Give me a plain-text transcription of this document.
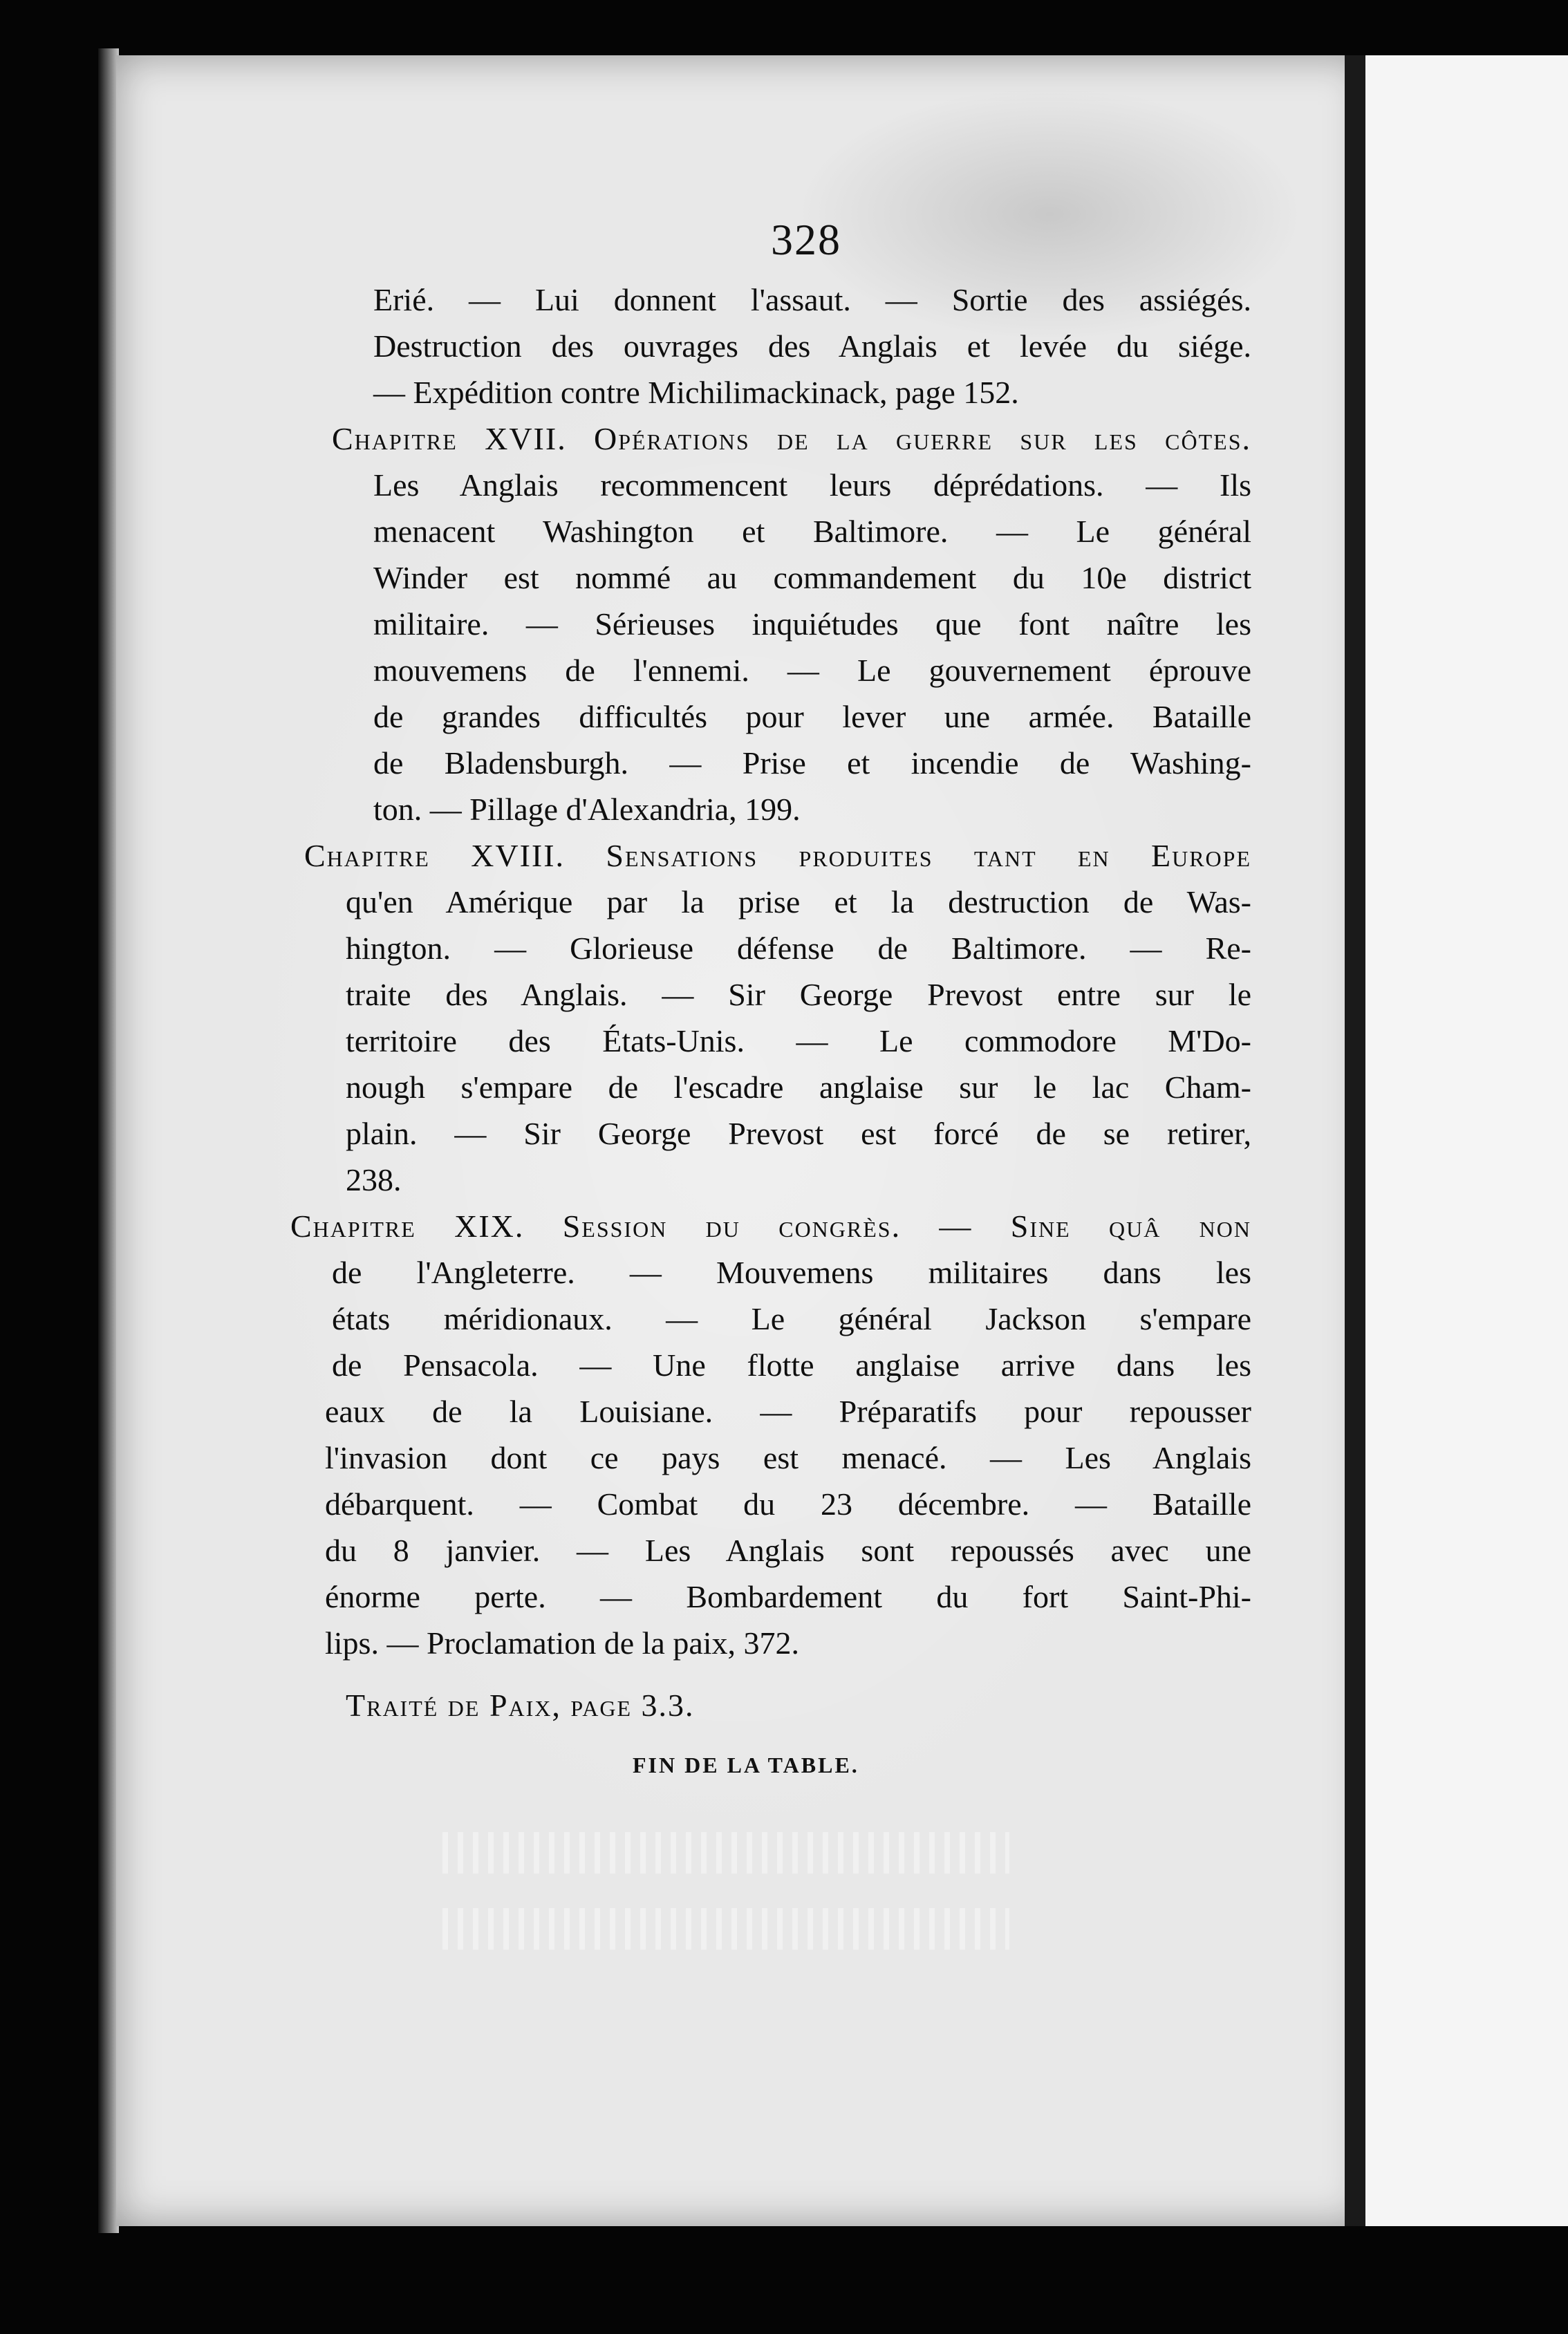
328
Erié. — Lui donnent l'assaut. — Sortie des assiégés.
Destruction des ouvrages des Anglais et levée du siége.
— Expédition contre Michilimackinack, page 152.
Chapitre XVII. Opérations de la guerre sur les côtes.
Les Anglais recommencent leurs déprédations. — Ils
menacent Washington et Baltimore. — Le général
Winder est nommé au commandement du 10e district
militaire. — Sérieuses inquiétudes que font naître les
mouvemens de l'ennemi. — Le gouvernement éprouve
de grandes difficultés pour lever une armée. Bataille
de Bladensburgh. — Prise et incendie de Washing-
ton. — Pillage d'Alexandria, 199.
Chapitre XVIII. Sensations produites tant en Europe
qu'en Amérique par la prise et la destruction de Was-
hington. — Glorieuse défense de Baltimore. — Re-
traite des Anglais. — Sir George Prevost entre sur le
territoire des États-Unis. — Le commodore M'Do-
nough s'empare de l'escadre anglaise sur le lac Cham-
plain. — Sir George Prevost est forcé de se retirer,
238.
Chapitre XIX. Session du congrès. — Sine quâ non
de l'Angleterre. — Mouvemens militaires dans les
états méridionaux. — Le général Jackson s'empare
de Pensacola. — Une flotte anglaise arrive dans les
eaux de la Louisiane. — Préparatifs pour repousser
l'invasion dont ce pays est menacé. — Les Anglais
débarquent. — Combat du 23 décembre. — Bataille
du 8 janvier. — Les Anglais sont repoussés avec une
énorme perte. — Bombardement du fort Saint-Phi-
lips. — Proclamation de la paix, 372.
Traité de Paix, page 3.3.
FIN DE LA TABLE.
